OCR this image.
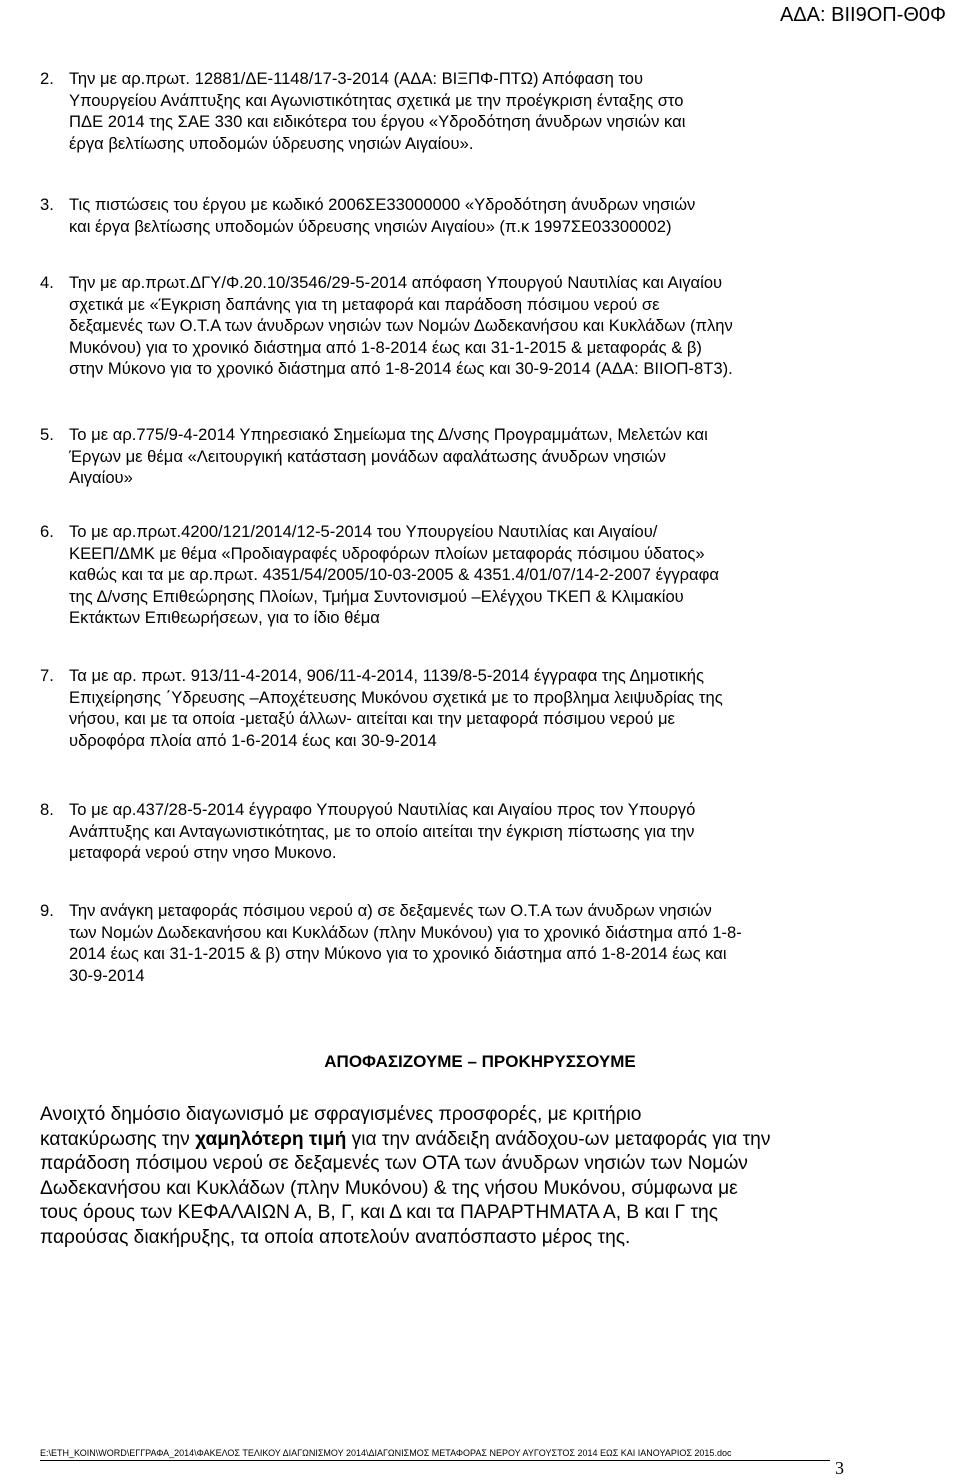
ΑΔΑ: ΒΙΙ9ΟΠ-Θ0Φ
2. Την με αρ.πρωτ. 12881/ΔΕ-1148/17-3-2014 (ΑΔΑ: ΒΙΞΠΦ-ΠΤΩ) Απόφαση του
Υπουργείου Ανάπτυξης και Αγωνιστικότητας σχετικά με την προέγκριση ένταξης στο
ΠΔΕ 2014 της ΣΑΕ 330 και ειδικότερα του έργου «Υδροδότηση άνυδρων νησιών και
έργα βελτίωσης υποδομών ύδρευσης νησιών Αιγαίου».
3. Τις πιστώσεις του έργου με κωδικό 2006ΣΕ33000000 «Υδροδότηση άνυδρων νησιών
και έργα βελτίωσης υποδομών ύδρευσης νησιών Αιγαίου» (π.κ 1997ΣΕ03300002)
4. Την με αρ.πρωτ.ΔΓΥ/Φ.20.10/3546/29-5-2014 απόφαση Υπουργού Ναυτιλίας και Αιγαίου
σχετικά με «Έγκριση δαπάνης για τη μεταφορά και παράδοση πόσιμου νερού σε
δεξαμενές των Ο.Τ.Α των άνυδρων νησιών των Νομών Δωδεκανήσου και Κυκλάδων (πλην
Μυκόνου) για το χρονικό διάστημα από 1-8-2014 έως και 31-1-2015 & μεταφοράς & β)
στην Μύκονο για το χρονικό διάστημα από 1-8-2014 έως και 30-9-2014 (ΑΔΑ: ΒΙΙΟΠ-8Τ3).
5. Το με αρ.775/9-4-2014 Υπηρεσιακό Σημείωμα της Δ/νσης Προγραμμάτων, Μελετών και
Έργων με θέμα «Λειτουργική κατάσταση μονάδων αφαλάτωσης άνυδρων νησιών
Αιγαίου»
6. Το με αρ.πρωτ.4200/121/2014/12-5-2014 του Υπουργείου Ναυτιλίας και Αιγαίου/
ΚΕΕΠ/ΔΜΚ με θέμα «Προδιαγραφές υδροφόρων πλοίων μεταφοράς πόσιμου ύδατος»
καθώς και τα με αρ.πρωτ. 4351/54/2005/10-03-2005 & 4351.4/01/07/14-2-2007 έγγραφα
της Δ/νσης Επιθεώρησης Πλοίων, Τμήμα Συντονισμού –Ελέγχου ΤΚΕΠ & Κλιμακίου
Εκτάκτων Επιθεωρήσεων, για το ίδιο θέμα
7. Τα με αρ. πρωτ. 913/11-4-2014, 906/11-4-2014, 1139/8-5-2014 έγγραφα της Δημοτικής
Επιχείρησης ΄Υδρευσης –Αποχέτευσης Μυκόνου σχετικά με το προβλημα λειψυδρίας της
νήσου, και με τα οποία -μεταξύ άλλων- αιτείται και την μεταφορά πόσιμου νερού με
υδροφόρα πλοία από 1-6-2014 έως και 30-9-2014
8. Το με αρ.437/28-5-2014 έγγραφο Υπουργού Ναυτιλίας και Αιγαίου προς τον Υπουργό
Ανάπτυξης και Ανταγωνιστικότητας, με το οποίο αιτείται την έγκριση πίστωσης για την
μεταφορά νερού στην νησο Μυκονο.
9. Την ανάγκη μεταφοράς πόσιμου νερού α) σε δεξαμενές των Ο.Τ.Α των άνυδρων νησιών
των Νομών Δωδεκανήσου και Κυκλάδων (πλην Μυκόνου) για το χρονικό διάστημα από 1-8-
2014 έως και 31-1-2015 & β) στην Μύκονο για το χρονικό διάστημα από 1-8-2014 έως και
30-9-2014
ΑΠΟΦΑΣΙΖΟΥΜΕ – ΠΡΟΚΗΡΥΣΣΟΥΜΕ
Ανοιχτό δημόσιο διαγωνισμό με σφραγισμένες προσφορές, με κριτήριο
κατακύρωσης την χαμηλότερη τιμή για την ανάδειξη ανάδοχου-ων μεταφοράς για την
παράδοση πόσιμου νερού σε δεξαμενές των ΟΤΑ των άνυδρων νησιών των Νομών
Δωδεκανήσου και Κυκλάδων (πλην Μυκόνου) & της νήσου Μυκόνου, σύμφωνα με
τους όρους των ΚΕΦΑΛΑΙΩΝ Α, Β, Γ, και Δ και τα ΠΑΡΑΡΤΗΜΑΤΑ Α, Β και Γ της
παρούσας διακήρυξης, τα οποία αποτελούν αναπόσπαστο μέρος της.
E:\ΕΤΗ_ΚΟΙΝ\WORD\ΕΓΓΡΑΦΑ_2014\ΦΑΚΕΛΟΣ ΤΕΛΙΚΟΥ ΔΙΑΓΩΝΙΣΜΟΥ 2014\ΔΙΑΓΩΝΙΣΜΟΣ ΜΕΤΑΦΟΡΑΣ ΝΕΡΟΥ ΑΥΓΟΥΣΤΟΣ 2014 ΕΩΣ ΚΑΙ ΙΑΝΟΥΑΡΙΟΣ 2015.doc
3
